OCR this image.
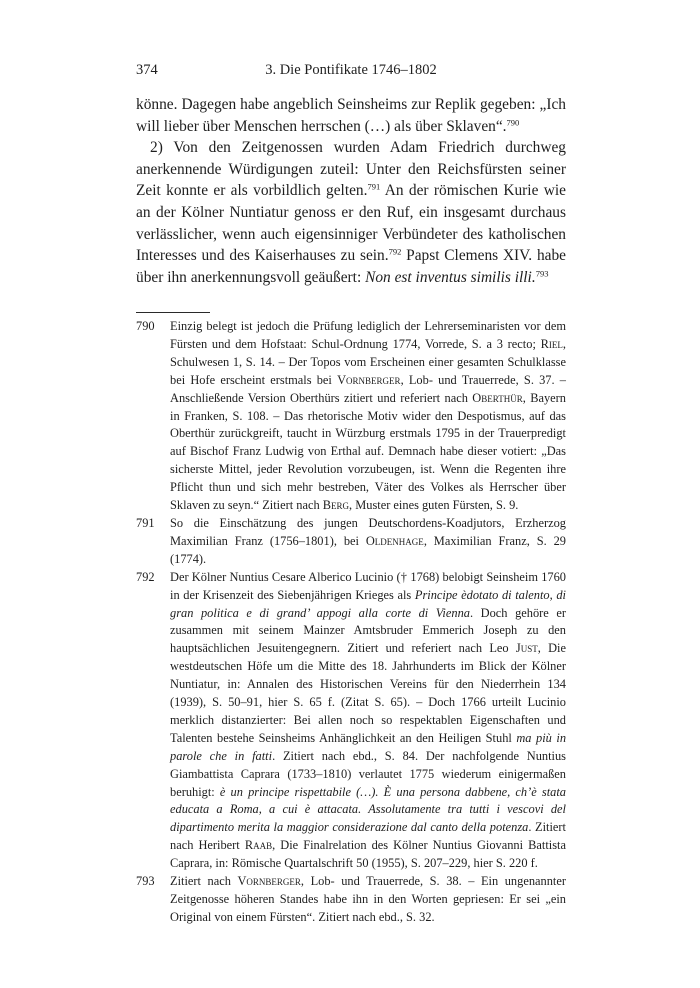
374	3. Die Pontifikate 1746–1802

könne. Dagegen habe angeblich Seinsheims zur Replik gegeben: „Ich will lieber über Menschen herrschen (…) als über Sklaven“.$^{790}$

2) Von den Zeitgenossen wurden Adam Friedrich durchweg anerkennende Würdigungen zuteil: Unter den Reichsfürsten seiner Zeit konnte er als vorbildlich gelten.$^{791}$ An der römischen Kurie wie an der Kölner Nuntiatur genoss er den Ruf, ein insgesamt durchaus verlässlicher, wenn auch eigensinniger Verbündeter des katholischen Interesses und des Kaiserhauses zu sein.$^{792}$ Papst Clemens XIV. habe über ihn anerkennungsvoll geäußert: Non est inventus similis illi.$^{793}$

790 Einzig belegt ist jedoch die Prüfung lediglich der Lehrerseminaristen vor dem Fürsten und dem Hofstaat: Schul-Ordnung 1774, Vorrede, S. a 3 recto; Riel, Schulwesen 1, S. 14. – Der Topos vom Erscheinen einer gesamten Schulklasse bei Hofe erscheint erstmals bei Vornberger, Lob- und Trauerrede, S. 37. – Anschließende Version Oberthürs zitiert und referiert nach Oberthür, Bayern in Franken, S. 108. – Das rhetorische Motiv wider den Despotismus, auf das Oberthür zurückgreift, taucht in Würzburg erstmals 1795 in der Trauerpredigt auf Bischof Franz Ludwig von Erthal auf. Demnach habe dieser votiert: „Das sicherste Mittel, jeder Revolution vorzubeugen, ist. Wenn die Regenten ihre Pflicht thun und sich mehr bestreben, Väter des Volkes als Herrscher über Sklaven zu seyn.“ Zitiert nach Berg, Muster eines guten Fürsten, S. 9.

791 So die Einschätzung des jungen Deutschordens-Koadjutors, Erzherzog Maximilian Franz (1756–1801), bei Oldenhage, Maximilian Franz, S. 29 (1774).

792 Der Kölner Nuntius Cesare Alberico Lucinio († 1768) belobigt Seinsheim 1760 in der Krisenzeit des Siebenjährigen Krieges als Principe èdotato di talento, di gran politica e di grand’ appogi alla corte di Vienna. Doch gehöre er zusammen mit seinem Mainzer Amtsbruder Emmerich Joseph zu den hauptsächlichen Jesuitengegnern. Zitiert und referiert nach Leo Just, Die westdeutschen Höfe um die Mitte des 18. Jahrhunderts im Blick der Kölner Nuntiatur, in: Annalen des Historischen Vereins für den Niederrhein 134 (1939), S. 50–91, hier S. 65 f. (Zitat S. 65). – Doch 1766 urteilt Lucinio merklich distanzierter: Bei allen noch so respektablen Eigenschaften und Talenten bestehe Seinsheims Anhänglichkeit an den Heiligen Stuhl ma più in parole che in fatti. Zitiert nach ebd., S. 84. Der nachfolgende Nuntius Giambattista Caprara (1733–1810) verlautet 1775 wiederum einigermaßen beruhigt: è un principe rispettabile (…). È una persona dabbene, ch’è stata educata a Roma, a cui è attacata. Assolutamente tra tutti i vescovi del dipartimento merita la maggior considerazione dal canto della potenza. Zitiert nach Heribert Raab, Die Finalrelation des Kölner Nuntius Giovanni Battista Caprara, in: Römische Quartalschrift 50 (1955), S. 207–229, hier S. 220 f.

793 Zitiert nach Vornberger, Lob- und Trauerrede, S. 38. – Ein ungenannter Zeitgenosse höheren Standes habe ihn in den Worten gepriesen: Er sei „ein Original von einem Fürsten“. Zitiert nach ebd., S. 32.
